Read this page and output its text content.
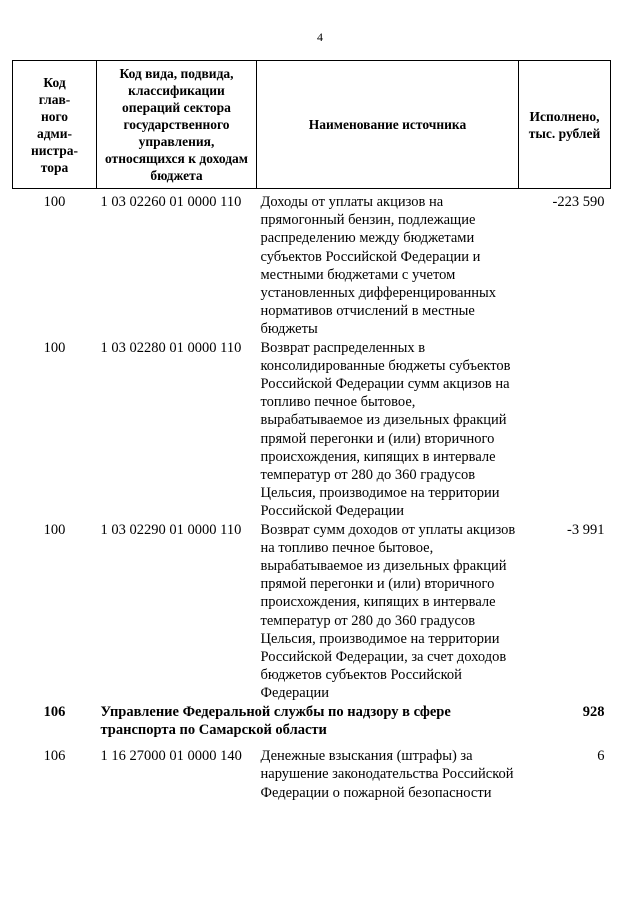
4
Код глав-ного адми-нистра-тора	Код вида, подвида, классификации операций сектора государственного управления, относящихся к доходам бюджета	Наименование источника	Исполнено, тыс. рублей
100	1 03 02260 01 0000 110	Доходы от уплаты акцизов на прямогонный бензин, подлежащие распределению между бюджетами субъектов Российской Федерации и местными бюджетами с учетом установленных дифференцированных нормативов отчислений в местные бюджеты	-223 590
100	1 03 02280 01 0000 110	Возврат распределенных в консолидированные бюджеты субъектов Российской Федерации сумм акцизов на топливо печное бытовое, вырабатываемое из дизельных фракций прямой перегонки и (или) вторичного происхождения, кипящих в интервале температур от 280 до 360 градусов Цельсия, производимое на территории Российской Федерации	
100	1 03 02290 01 0000 110	Возврат сумм доходов от уплаты акцизов на топливо печное бытовое, вырабатываемое из дизельных фракций прямой перегонки и (или) вторичного происхождения, кипящих в интервале температур от 280 до 360 градусов Цельсия, производимое на территории Российской Федерации, за счет доходов бюджетов субъектов Российской Федерации	-3 991
106	Управление Федеральной службы по надзору в сфере транспорта по Самарской области		928
106	1 16 27000 01 0000 140	Денежные взыскания (штрафы) за нарушение законодательства Российской Федерации о пожарной безопасности	6
